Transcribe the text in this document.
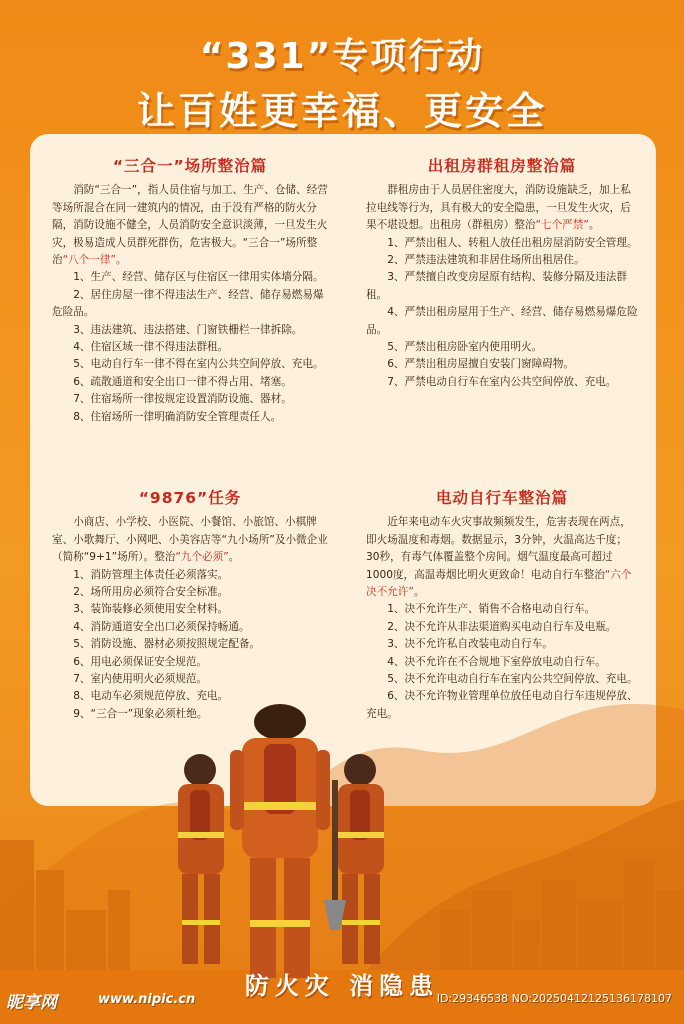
“331”专项行动
让百姓更幸福、更安全
“三合一”场所整治篇

消防“三合一”，指人员住宿与加工、生产、仓储、经营等场所混合在同一建筑内的情况，由于没有严格的防火分隔，消防设施不健全，人员消防安全意识淡薄，一旦发生火灾，极易造成人员群死群伤，危害极大。“三合一”场所整治“八个一律”。

1、生产、经营、储存区与住宿区一律用实体墙分隔。

2、居住房屋一律不得违法生产、经营、储存易燃易爆危险品。

3、违法建筑、违法搭建、门窗铁栅栏一律拆除。

4、住宿区域一律不得违法群租。

5、电动自行车一律不得在室内公共空间停放、充电。

6、疏散通道和安全出口一律不得占用、堵塞。

7、住宿场所一律按规定设置消防设施、器材。

8、住宿场所一律明确消防安全管理责任人。

出租房群租房整治篇

群租房由于人员居住密度大，消防设施缺乏，加上私拉电线等行为，具有极大的安全隐患，一旦发生火灾，后果不堪设想。出租房（群租房）整治“七个严禁”。

1、严禁出租人、转租人放任出租房屋消防安全管理。

2、严禁违法建筑和非居住场所出租居住。

3、严禁擅自改变房屋原有结构、装修分隔及违法群租。

4、严禁出租房屋用于生产、经营、储存易燃易爆危险品。

5、严禁出租房卧室内使用明火。

6、严禁出租房屋擅自安装门窗障碍物。

7、严禁电动自行车在室内公共空间停放、充电。

“9876”任务

小商店、小学校、小医院、小餐馆、小旅馆、小棋牌室、小歌舞厅、小网吧、小美容店等“九小场所”及小微企业（简称“9+1”场所）。整治“九个必须”。

1、消防管理主体责任必须落实。

2、场所用房必须符合安全标准。

3、装饰装修必须使用安全材料。

4、消防通道安全出口必须保持畅通。

5、消防设施、器材必须按照规定配备。

6、用电必须保证安全规范。

7、室内使用明火必须规范。

8、电动车必须规范停放、充电。

9、“三合一”现象必须杜绝。

电动自行车整治篇

近年来电动车火灾事故频频发生，危害表现在两点，即火场温度和毒烟。数据显示，3分钟，火温高达千度；30秒，有毒气体覆盖整个房间。烟气温度最高可超过1000度，高温毒烟比明火更致命！电动自行车整治“六个决不允许”。

1、决不允许生产、销售不合格电动自行车。

2、决不允许从非法渠道购买电动自行车及电瓶。

3、决不允许私自改装电动自行车。

4、决不允许在不合规地下室停放电动自行车。

5、决不允许电动自行车在室内公共空间停放、充电。

6、决不允许物业管理单位放任电动自行车违规停放、充电。

防火灾 消隐患
昵享网	www.nipic.cn	ID:29346538 NO:20250412125136178107
